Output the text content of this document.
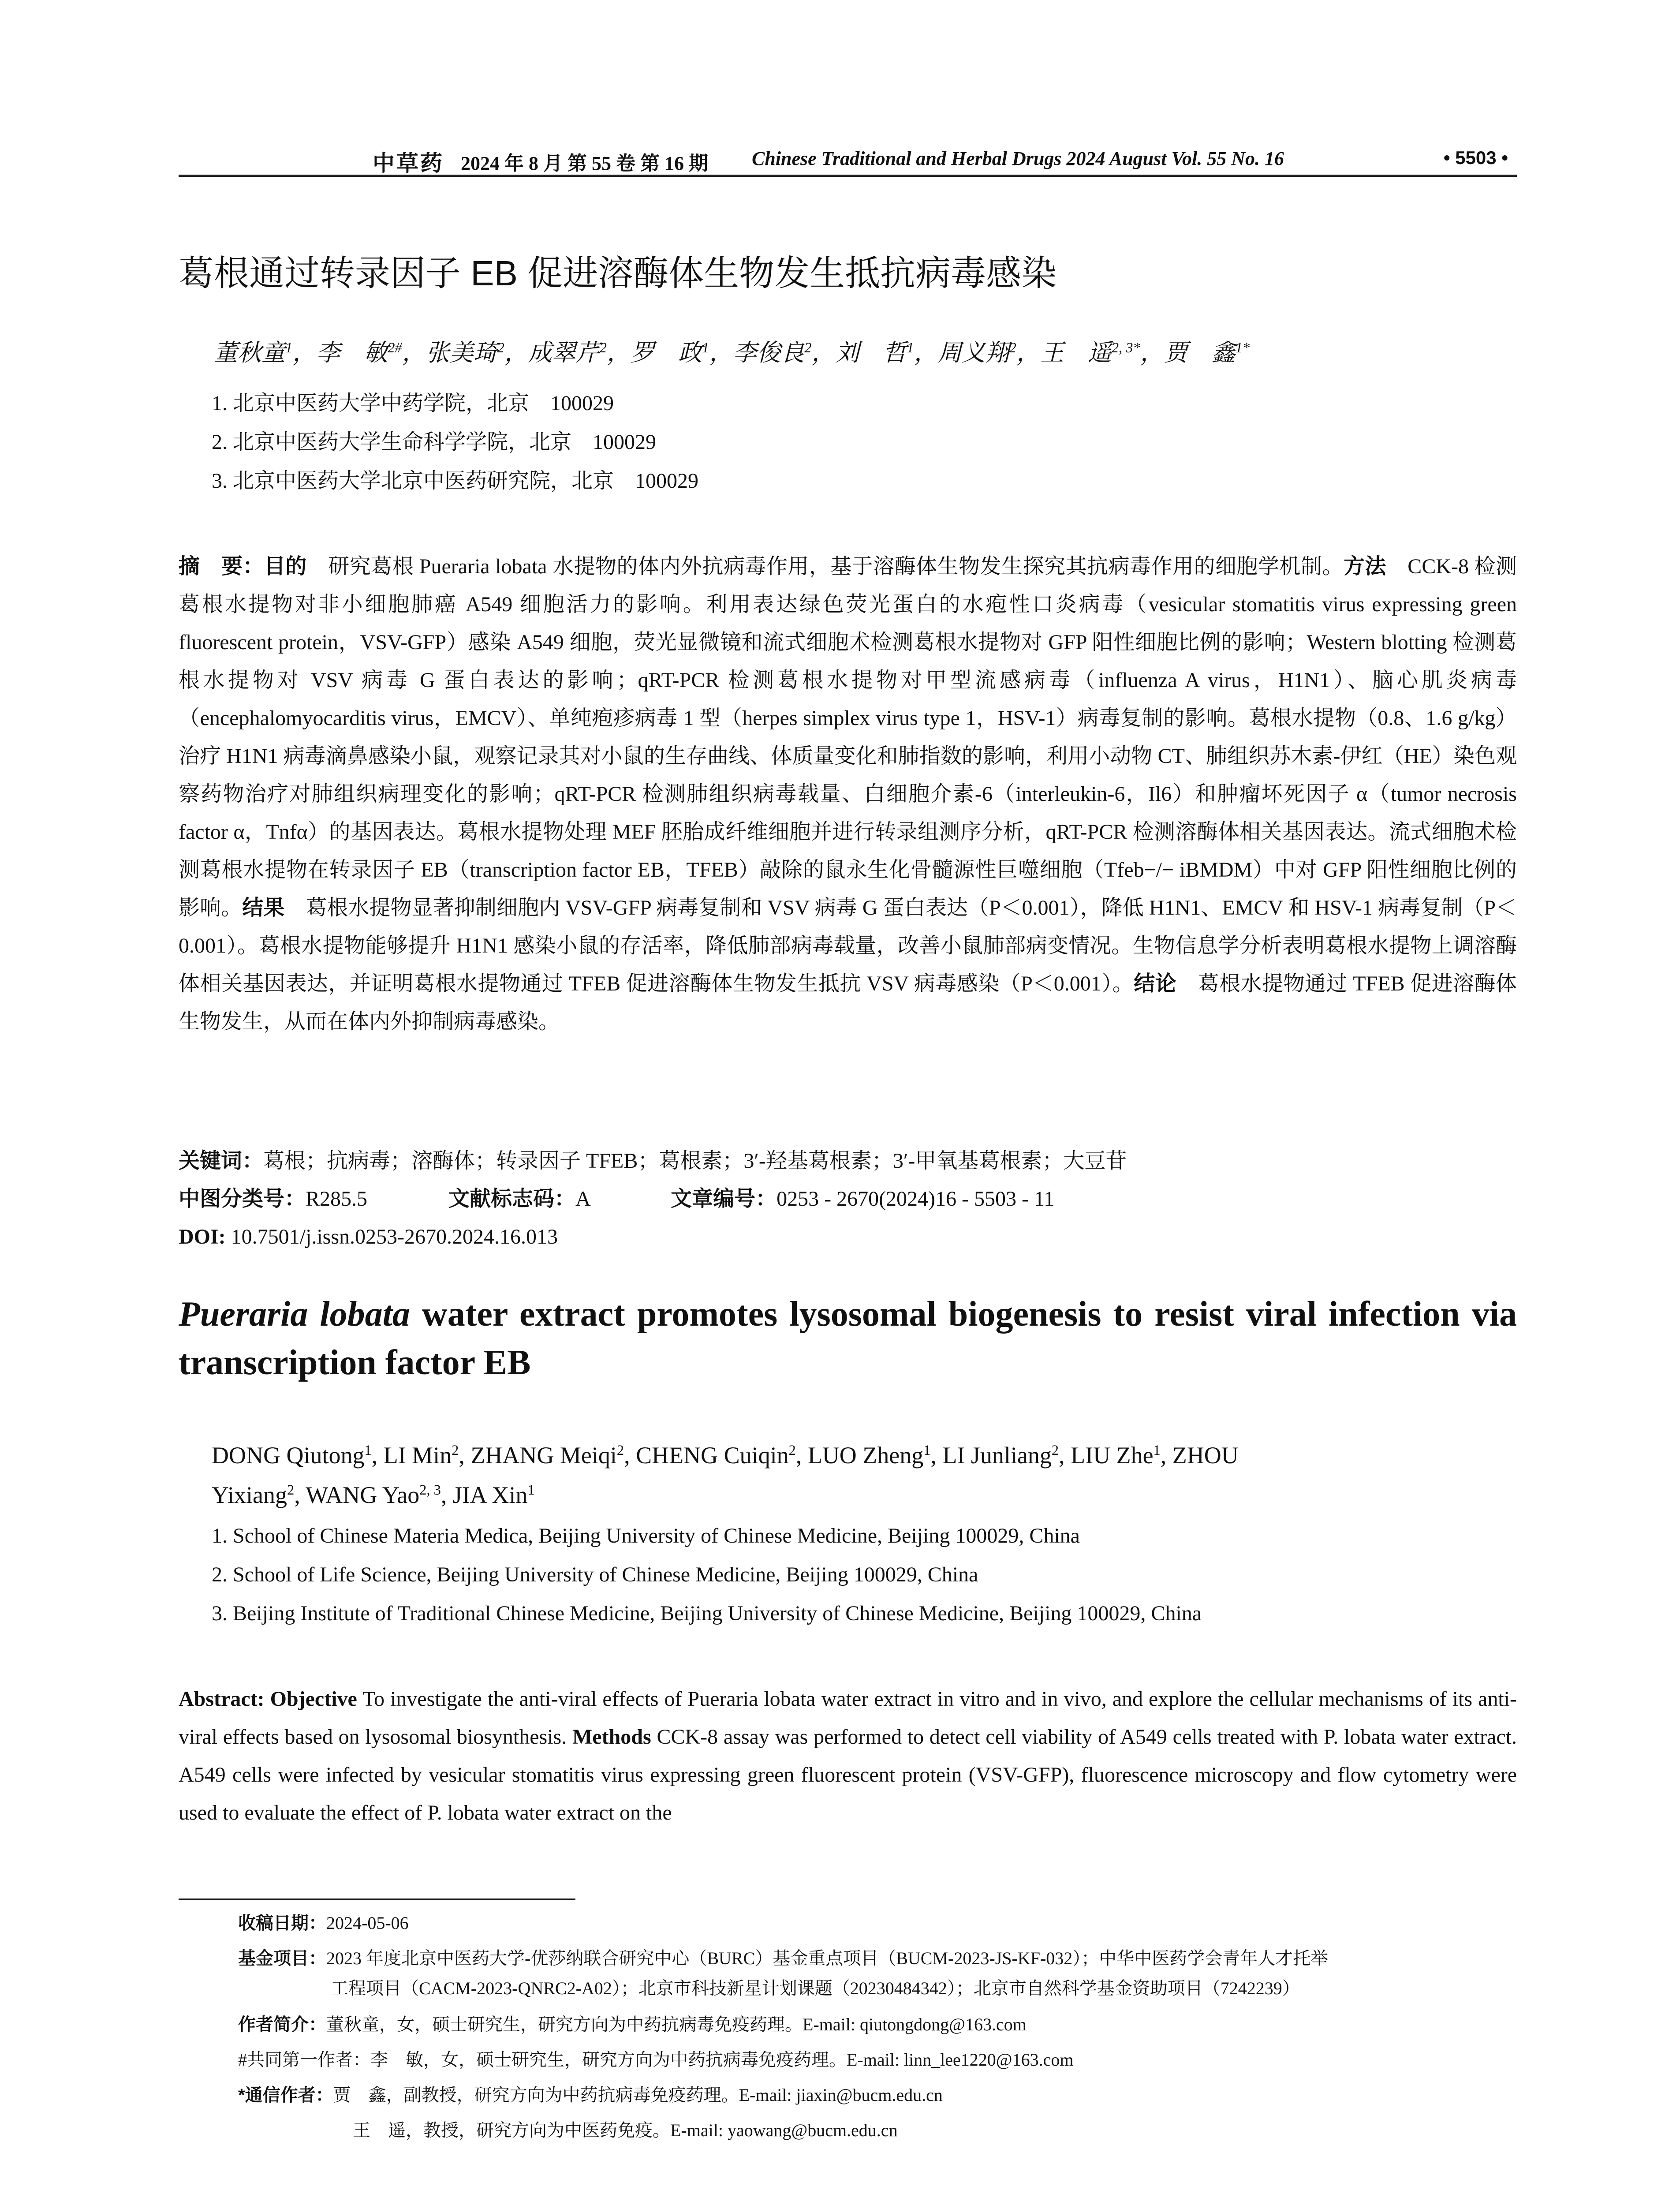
中草药 2024 年 8 月 第 55 卷 第 16 期 Chinese Traditional and Herbal Drugs 2024 August Vol. 55 No. 16	• 5503 •
葛根通过转录因子 EB 促进溶酶体生物发生抵抗病毒感染
董秋童$^1$，李　敏$^{2\#}$，张美琦$^2$，成翠芹$^2$，罗　政$^1$，李俊良$^2$，刘　哲$^1$，周义翔$^2$，王　遥$^{2, 3*}$，贾　鑫$^{1*}$
1. 北京中医药大学中药学院，北京　100029
2. 北京中医药大学生命科学学院，北京　100029
3. 北京中医药大学北京中医药研究院，北京　100029
摘　要：目的　研究葛根 Pueraria lobata 水提物的体内外抗病毒作用，基于溶酶体生物发生探究其抗病毒作用的细胞学机制。方法　CCK-8 检测葛根水提物对非小细胞肺癌 A549 细胞活力的影响。利用表达绿色荧光蛋白的水疱性口炎病毒（vesicular stomatitis virus expressing green fluorescent protein，VSV-GFP）感染 A549 细胞，荧光显微镜和流式细胞术检测葛根水提物对 GFP 阳性细胞比例的影响；Western blotting 检测葛根水提物对 VSV 病毒 G 蛋白表达的影响；qRT-PCR 检测葛根水提物对甲型流感病毒（influenza A virus，H1N1）、脑心肌炎病毒（encephalomyocarditis virus，EMCV）、单纯疱疹病毒 1 型（herpes simplex virus type 1，HSV-1）病毒复制的影响。葛根水提物（0.8、1.6 g/kg）治疗 H1N1 病毒滴鼻感染小鼠，观察记录其对小鼠的生存曲线、体质量变化和肺指数的影响，利用小动物 CT、肺组织苏木素-伊红（HE）染色观察药物治疗对肺组织病理变化的影响；qRT-PCR 检测肺组织病毒载量、白细胞介素-6（interleukin-6，Il6）和肿瘤坏死因子 α（tumor necrosis factor α，Tnfα）的基因表达。葛根水提物处理 MEF 胚胎成纤维细胞并进行转录组测序分析，qRT-PCR 检测溶酶体相关基因表达。流式细胞术检测葛根水提物在转录因子 EB（transcription factor EB，TFEB）敲除的鼠永生化骨髓源性巨噬细胞（Tfeb−/− iBMDM）中对 GFP 阳性细胞比例的影响。结果　葛根水提物显著抑制细胞内 VSV-GFP 病毒复制和 VSV 病毒 G 蛋白表达（P＜0.001），降低 H1N1、EMCV 和 HSV-1 病毒复制（P＜0.001）。葛根水提物能够提升 H1N1 感染小鼠的存活率，降低肺部病毒载量，改善小鼠肺部病变情况。生物信息学分析表明葛根水提物上调溶酶体相关基因表达，并证明葛根水提物通过 TFEB 促进溶酶体生物发生抵抗 VSV 病毒感染（P＜0.001）。结论　葛根水提物通过 TFEB 促进溶酶体生物发生，从而在体内外抑制病毒感染。
关键词：葛根；抗病毒；溶酶体；转录因子 TFEB；葛根素；3′-羟基葛根素；3′-甲氧基葛根素；大豆苷
中图分类号：R285.5	文献标志码：A	文章编号：0253 - 2670(2024)16 - 5503 - 11
DOI: 10.7501/j.issn.0253-2670.2024.16.013
Pueraria lobata water extract promotes lysosomal biogenesis to resist viral infection via transcription factor EB
DONG Qiutong$^1$, LI Min$^2$, ZHANG Meiqi$^2$, CHENG Cuiqin$^2$, LUO Zheng$^1$, LI Junliang$^2$, LIU Zhe$^1$, ZHOU
Yixiang$^2$, WANG Yao$^{2, 3}$, JIA Xin$^1$
1. School of Chinese Materia Medica, Beijing University of Chinese Medicine, Beijing 100029, China
2. School of Life Science, Beijing University of Chinese Medicine, Beijing 100029, China
3. Beijing Institute of Traditional Chinese Medicine, Beijing University of Chinese Medicine, Beijing 100029, China
Abstract: Objective To investigate the anti-viral effects of Pueraria lobata water extract in vitro and in vivo, and explore the cellular mechanisms of its anti-viral effects based on lysosomal biosynthesis. Methods CCK-8 assay was performed to detect cell viability of A549 cells treated with P. lobata water extract. A549 cells were infected by vesicular stomatitis virus expressing green fluorescent protein (VSV-GFP), fluorescence microscopy and flow cytometry were used to evaluate the effect of P. lobata water extract on the
收稿日期：2024-05-06
基金项目：2023 年度北京中医药大学-优莎纳联合研究中心（BURC）基金重点项目（BUCM-2023-JS-KF-032）；中华中医药学会青年人才托举
工程项目（CACM-2023-QNRC2-A02）；北京市科技新星计划课题（20230484342）；北京市自然科学基金资助项目（7242239）
作者简介：董秋童，女，硕士研究生，研究方向为中药抗病毒免疫药理。E-mail: qiutongdong@163.com
#共同第一作者：李　敏，女，硕士研究生，研究方向为中药抗病毒免疫药理。E-mail: linn_lee1220@163.com
*通信作者：贾　鑫，副教授，研究方向为中药抗病毒免疫药理。E-mail: jiaxin@bucm.edu.cn
王　遥，教授，研究方向为中医药免疫。E-mail: yaowang@bucm.edu.cn
